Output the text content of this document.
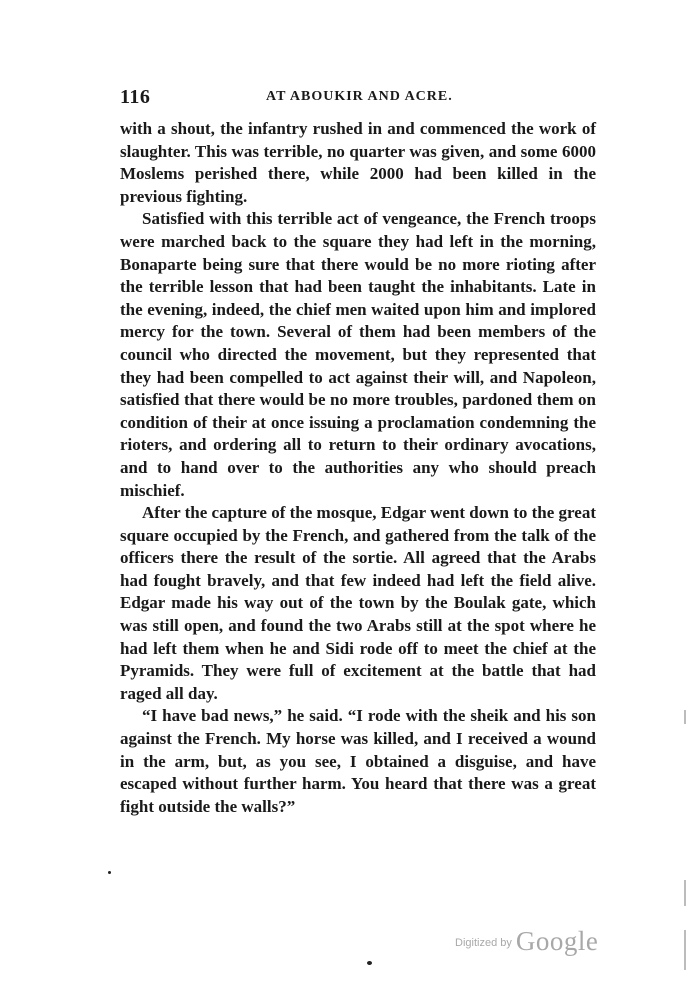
116	AT ABOUKIR AND ACRE.

with a shout, the infantry rushed in and commenced the work of slaughter. This was terrible, no quarter was given, and some 6000 Moslems perished there, while 2000 had been killed in the previous fighting.

Satisfied with this terrible act of vengeance, the French troops were marched back to the square they had left in the morning, Bonaparte being sure that there would be no more rioting after the terrible lesson that had been taught the inhabitants. Late in the evening, indeed, the chief men waited upon him and implored mercy for the town. Several of them had been members of the council who directed the movement, but they represented that they had been compelled to act against their will, and Napoleon, satisfied that there would be no more troubles, pardoned them on condition of their at once issuing a proclamation condemning the rioters, and ordering all to return to their ordinary avocations, and to hand over to the authorities any who should preach mischief.

After the capture of the mosque, Edgar went down to the great square occupied by the French, and gathered from the talk of the officers there the result of the sortie. All agreed that the Arabs had fought bravely, and that few indeed had left the field alive. Edgar made his way out of the town by the Boulak gate, which was still open, and found the two Arabs still at the spot where he had left them when he and Sidi rode off to meet the chief at the Pyramids. They were full of excitement at the battle that had raged all day.

“I have bad news,” he said. “I rode with the sheik and his son against the French. My horse was killed, and I received a wound in the arm, but, as you see, I obtained a disguise, and have escaped without further harm. You heard that there was a great fight outside the walls?”

$^{Digitized by}$ Google
